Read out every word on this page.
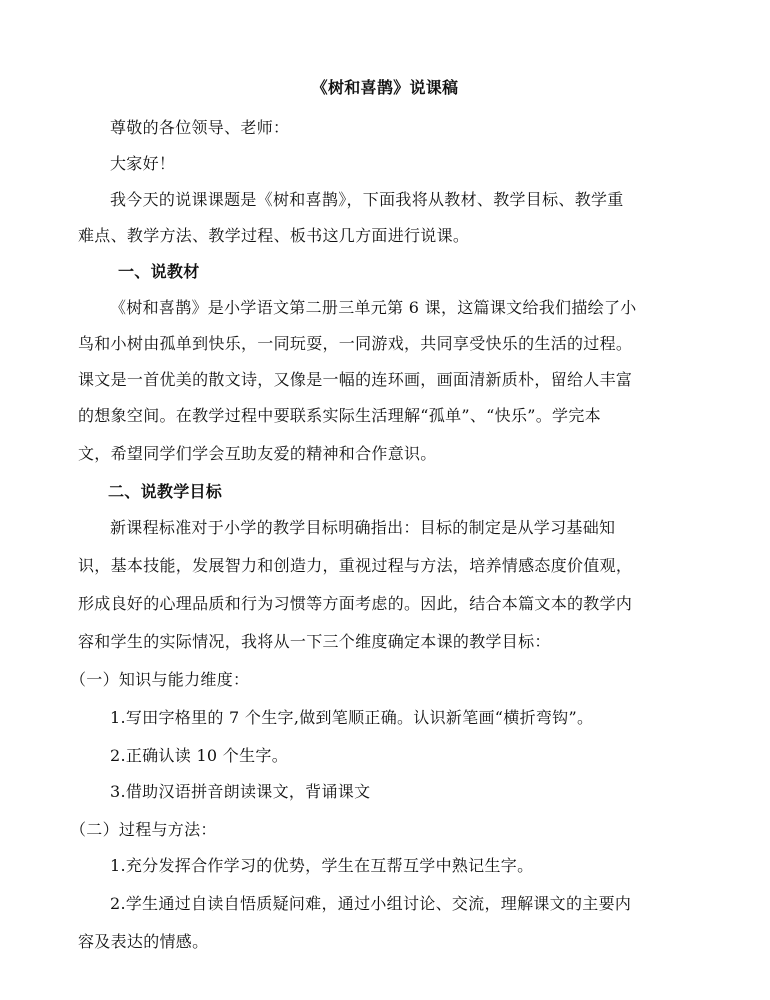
《树和喜鹊》说课稿
尊敬的各位领导、老师：
大家好！
我今天的说课课题是《树和喜鹊》，下面我将从教材、教学目标、教学重
难点、教学方法、教学过程、板书这几方面进行说课。
一、说教材
《树和喜鹊》是小学语文第二册三单元第 6 课，这篇课文给我们描绘了小
鸟和小树由孤单到快乐，一同玩耍，一同游戏，共同享受快乐的生活的过程。
课文是一首优美的散文诗，又像是一幅的连环画，画面清新质朴，留给人丰富
的想象空间。在教学过程中要联系实际生活理解“孤单”、“快乐”。学完本
文，希望同学们学会互助友爱的精神和合作意识。
二、说教学目标
新课程标准对于小学的教学目标明确指出：目标的制定是从学习基础知
识，基本技能，发展智力和创造力，重视过程与方法，培养情感态度价值观，
形成良好的心理品质和行为习惯等方面考虑的。因此，结合本篇文本的教学内
容和学生的实际情况，我将从一下三个维度确定本课的教学目标：
（一）知识与能力维度：
1.写田字格里的 7 个生字,做到笔顺正确。认识新笔画“横折弯钩”。
2.正确认读 10 个生字。
3.借助汉语拼音朗读课文，背诵课文
（二）过程与方法：
1.充分发挥合作学习的优势，学生在互帮互学中熟记生字。
2.学生通过自读自悟质疑问难，通过小组讨论、交流，理解课文的主要内
容及表达的情感。
